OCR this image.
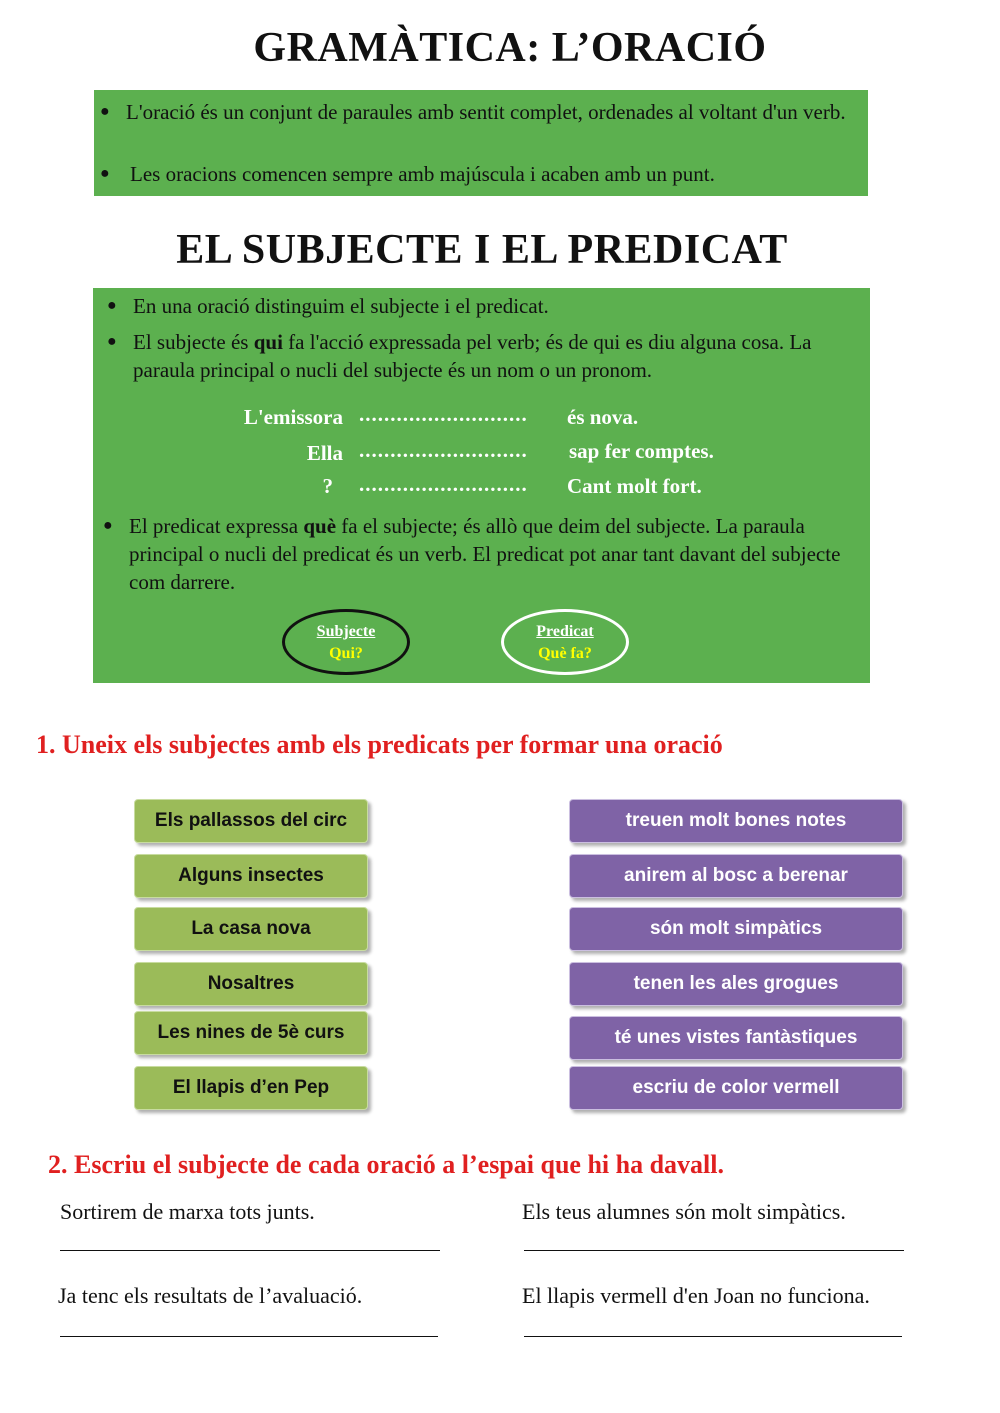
GRAMÀTICA: L’ORACIÓ
● L'oració és un conjunt de paraules amb sentit complet, ordenades al voltant d'un verb.
● Les oracions comencen sempre amb majúscula i acaben amb un punt.
EL SUBJECTE I EL PREDICAT
● En una oració distinguim el subjecte i el predicat.
● El subjecte és qui fa l'acció expressada pel verb; és de qui es diu alguna cosa. La paraula principal o nucli del subjecte és un nom o un pronom.
L'emissora ........................... és nova.
Ella ........................... sap fer comptes.
? ........................... Cant molt fort.
● El predicat expressa què fa el subjecte; és allò que deim del subjecte. La paraula principal o nucli del predicat és un verb. El predicat pot anar tant davant del subjecte com darrere.
Subjecte
Qui?
Predicat
Què fa?
1. Uneix els subjectes amb els predicats per formar una oració
Els pallassos del circ
Alguns insectes
La casa nova
Nosaltres
Les nines de 5è curs
El llapis d’en Pep
treuen molt bones notes
anirem al bosc a berenar
són molt simpàtics
tenen les ales grogues
té unes vistes fantàstiques
escriu de color vermell
2. Escriu el subjecte de cada oració a l’espai que hi ha davall.
Sortirem de marxa tots junts.	Els teus alumnes són molt simpàtics.
Ja tenc els resultats de l’avaluació.	El llapis vermell d'en Joan no funciona.
